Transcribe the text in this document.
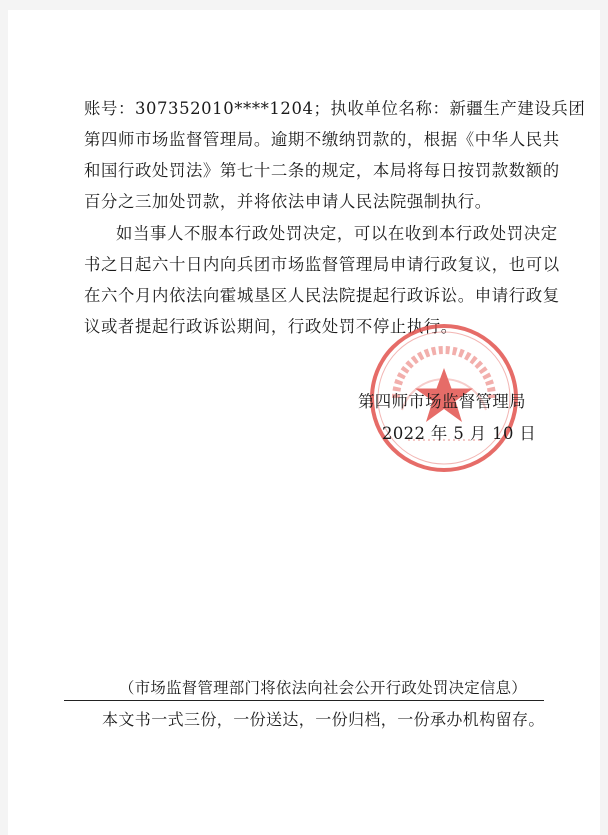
账号：307352010****1204；执收单位名称：新疆生产建设兵团
第四师市场监督管理局。逾期不缴纳罚款的，根据《中华人民共
和国行政处罚法》第七十二条的规定，本局将每日按罚款数额的
百分之三加处罚款，并将依法申请人民法院强制执行。
如当事人不服本行政处罚决定，可以在收到本行政处罚决定
书之日起六十日内向兵团市场监督管理局申请行政复议，也可以
在六个月内依法向霍城垦区人民法院提起行政诉讼。申请行政复
议或者提起行政诉讼期间，行政处罚不停止执行。
第四师市场监督管理局
2022 年 5 月 10 日
（市场监督管理部门将依法向社会公开行政处罚决定信息）
本文书一式三份，一份送达，一份归档，一份承办机构留存。
